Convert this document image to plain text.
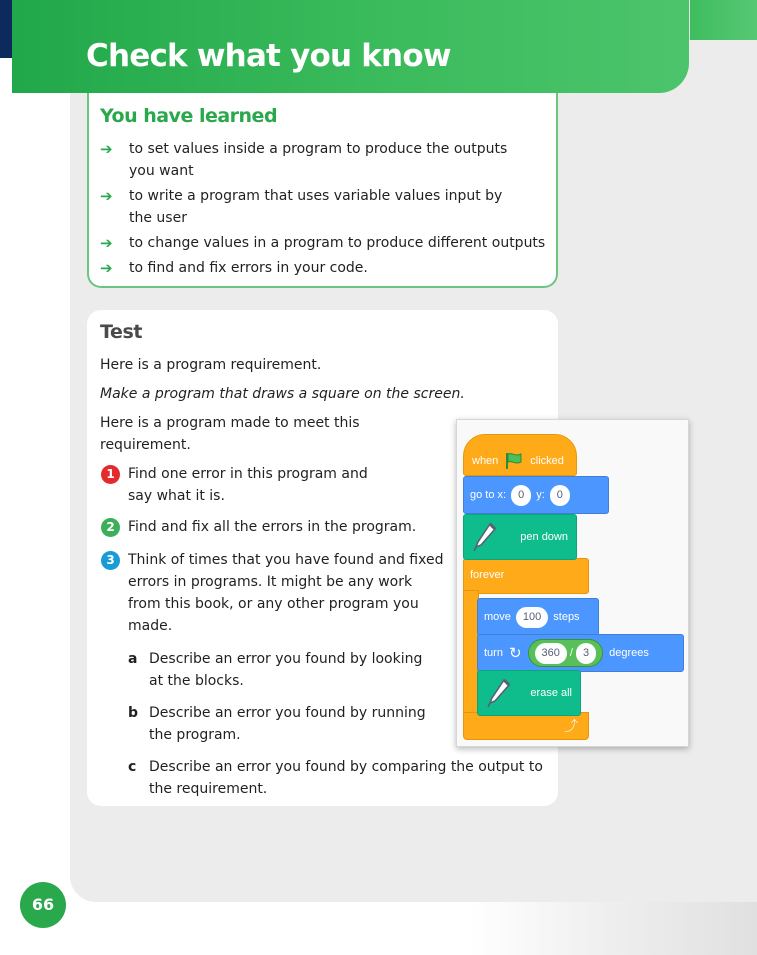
Check what you know
You have learned
➔ to set values inside a program to produce the outputs
you want
➔ to write a program that uses variable values input by
the user
➔ to change values in a program to produce different outputs
➔ to find and fix errors in your code.
Test

Here is a program requirement.

Make a program that draws a square on the screen.

Here is a program made to meet this

requirement.

1 Find one error in this program and

say what it is.

2 Find and fix all the errors in the program.

3 Think of times that you have found and fixed

errors in programs. It might be any work

from this book, or any other program you

made.

a Describe an error you found by looking

at the blocks.

b Describe an error you found by running

the program.

c Describe an error you found by comparing the output to

the requirement.

forever
⤴
when	clicked
go to x:	0	y:	0
pen down
move	100	steps
turn ↻	360 / 3	degrees
erase all
66
